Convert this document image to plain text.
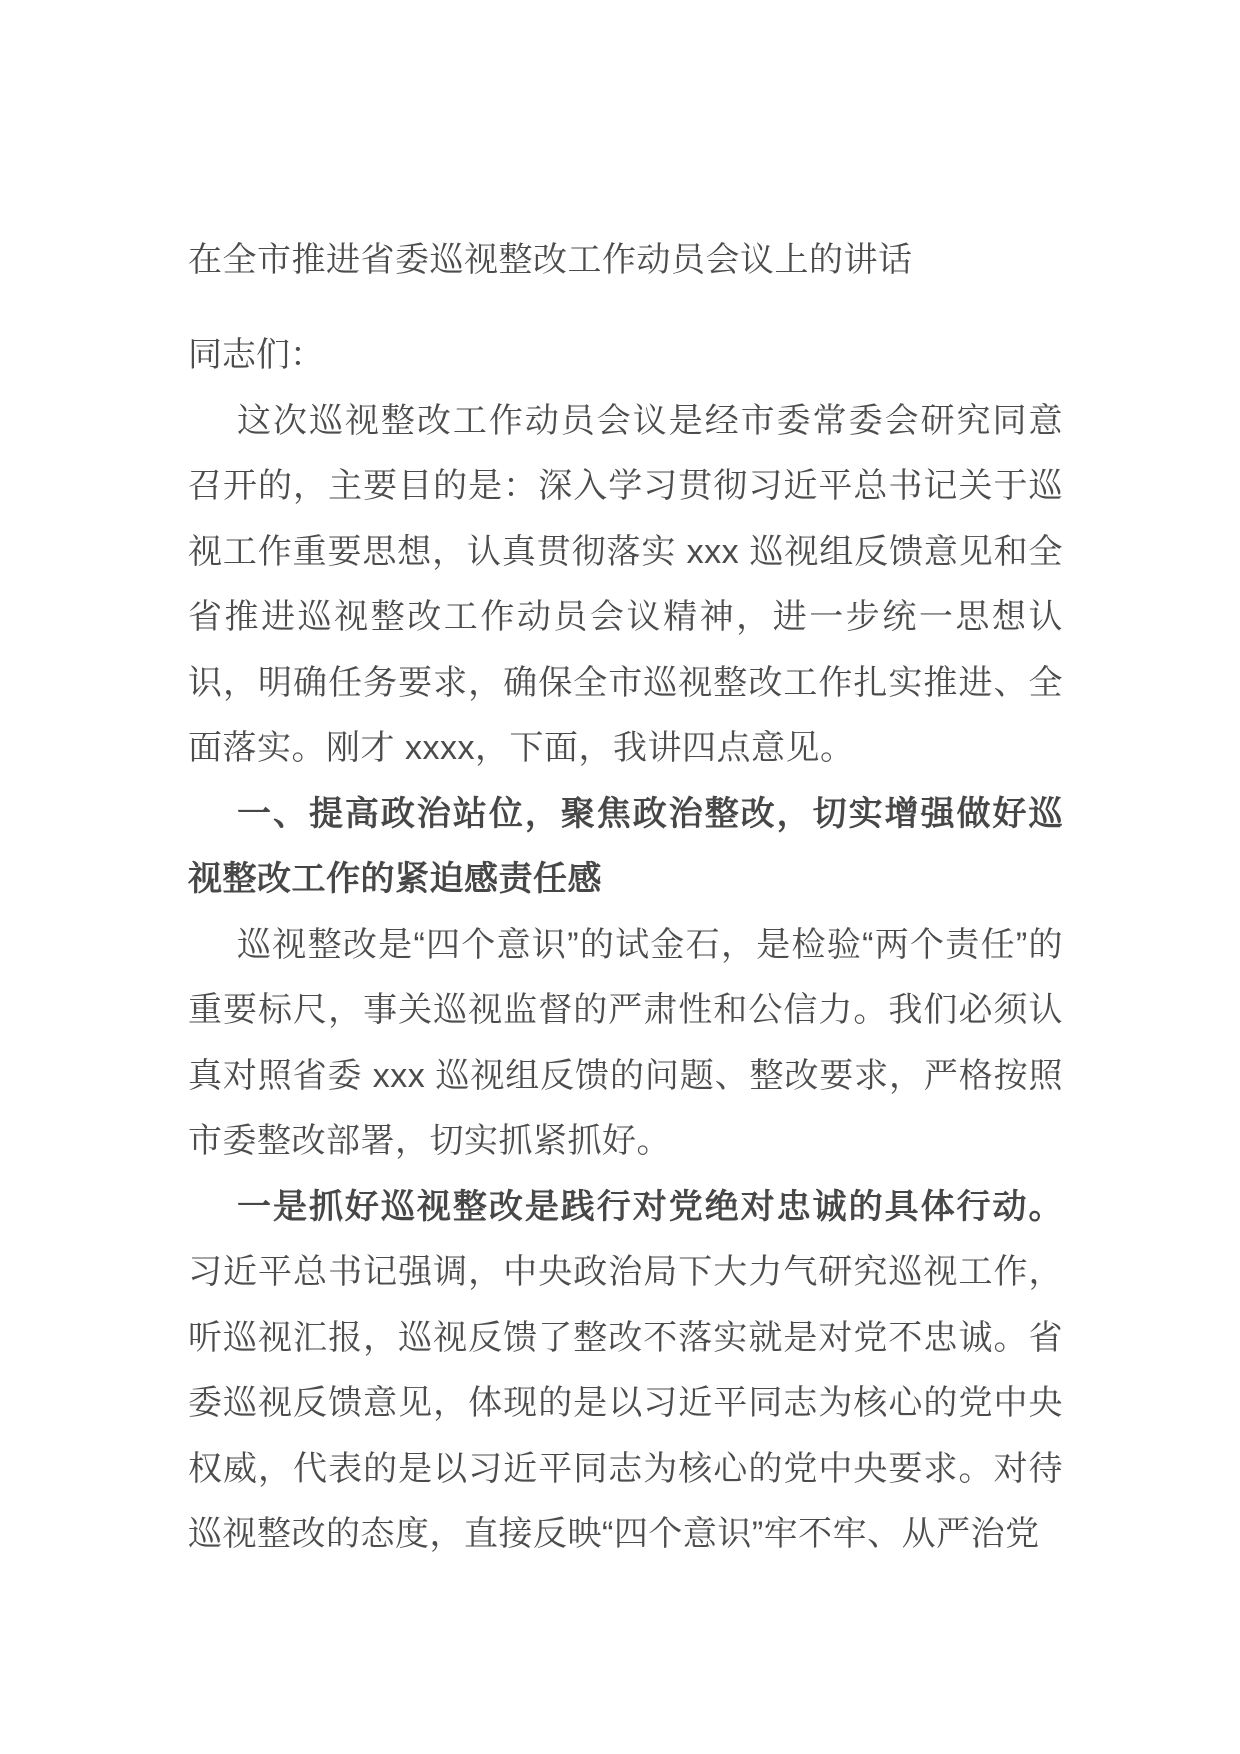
在全市推进省委巡视整改工作动员会议上的讲话

同志们：

这次巡视整改工作动员会议是经市委常委会研究同意召开的，主要目的是：深入学习贯彻习近平总书记关于巡视工作重要思想，认真贯彻落实 xxx 巡视组反馈意见和全省推进巡视整改工作动员会议精神，进一步统一思想认识，明确任务要求，确保全市巡视整改工作扎实推进、全面落实。刚才 xxxx，下面，我讲四点意见。

一、提高政治站位，聚焦政治整改，切实增强做好巡视整改工作的紧迫感责任感

巡视整改是“四个意识”的试金石，是检验“两个责任”的重要标尺，事关巡视监督的严肃性和公信力。我们必须认真对照省委 xxx 巡视组反馈的问题、整改要求，严格按照市委整改部署，切实抓紧抓好。

一是抓好巡视整改是践行对党绝对忠诚的具体行动。习近平总书记强调，中央政治局下大力气研究巡视工作，听巡视汇报，巡视反馈了整改不落实就是对党不忠诚。省委巡视反馈意见，体现的是以习近平同志为核心的党中央权威，代表的是以习近平同志为核心的党中央要求。对待巡视整改的态度，直接反映“四个意识”牢不牢、从严治党
